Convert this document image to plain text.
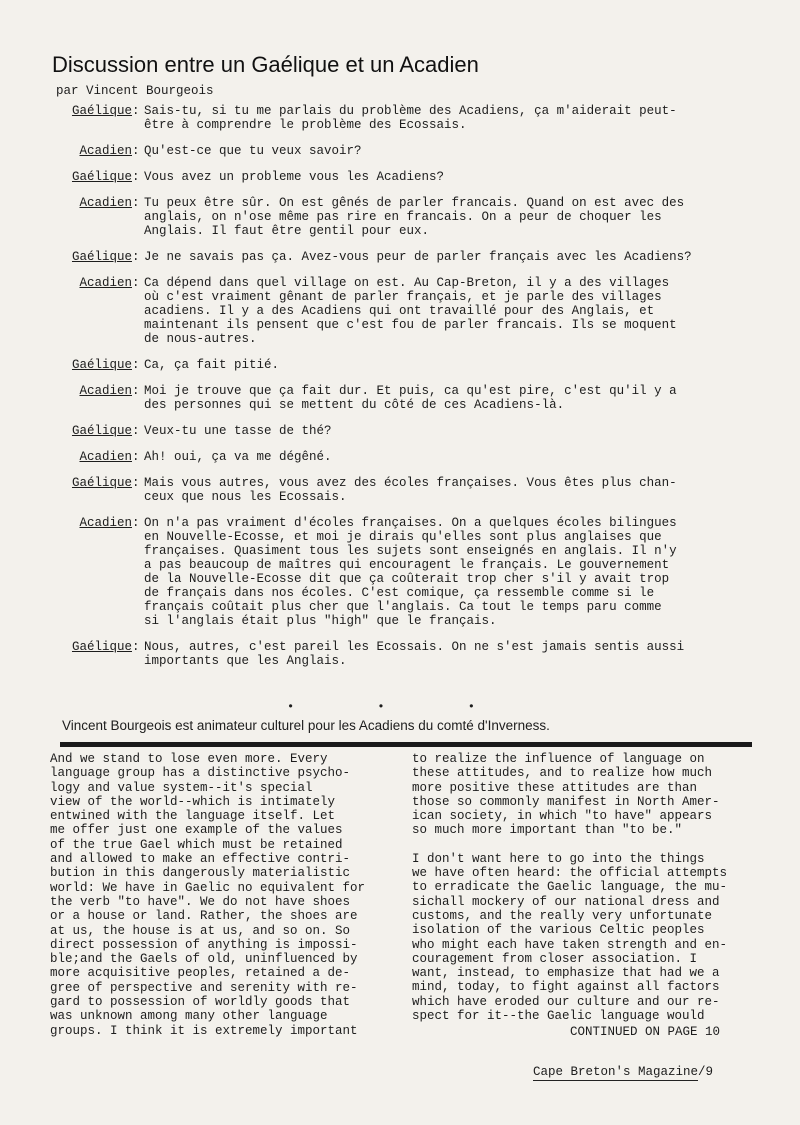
Discussion entre un Gaélique et un Acadien
par Vincent Bourgeois
Gaélique : Sais-tu, si tu me parlais du problème des Acadiens, ça m'aiderait peut-
être à comprendre le problème des Ecossais.
Acadien : Qu'est-ce que tu veux savoir?
Gaélique : Vous avez un probleme vous les Acadiens?
Acadien : Tu peux être sûr. On est gênés de parler francais. Quand on est avec des
anglais, on n'ose même pas rire en francais. On a peur de choquer les
Anglais. Il faut être gentil pour eux.
Gaélique : Je ne savais pas ça. Avez-vous peur de parler français avec les Acadiens?
Acadien : Ca dépend dans quel village on est. Au Cap-Breton, il y a des villages
où c'est vraiment gênant de parler français, et je parle des villages
acadiens. Il y a des Acadiens qui ont travaillé pour des Anglais, et
maintenant ils pensent que c'est fou de parler francais. Ils se moquent
de nous-autres.
Gaélique : Ca, ça fait pitié.
Acadien : Moi je trouve que ça fait dur. Et puis, ca qu'est pire, c'est qu'il y a
des personnes qui se mettent du côté de ces Acadiens-là.
Gaélique : Veux-tu une tasse de thé?
Acadien : Ah! oui, ça va me dégêné.
Gaélique : Mais vous autres, vous avez des écoles françaises. Vous êtes plus chan-
ceux que nous les Ecossais.
Acadien : On n'a pas vraiment d'écoles françaises. On a quelques écoles bilingues
en Nouvelle-Ecosse, et moi je dirais qu'elles sont plus anglaises que
françaises. Quasiment tous les sujets sont enseignés en anglais. Il n'y
a pas beaucoup de maîtres qui encouragent le français. Le gouvernement
de la Nouvelle-Ecosse dit que ça coûterait trop cher s'il y avait trop
de français dans nos écoles. C'est comique, ça ressemble comme si le
français coûtait plus cher que l'anglais. Ca tout le temps paru comme
si l'anglais était plus "high" que le français.
Gaélique : Nous, autres, c'est pareil les Ecossais. On ne s'est jamais sentis aussi
importants que les Anglais.
• • •
Vincent Bourgeois est animateur culturel pour les Acadiens du comté d'Inverness.
And we stand to lose even more. Every
language group has a distinctive psycho-
logy and value system--it's special
view of the world--which is intimately
entwined with the language itself. Let
me offer just one example of the values
of the true Gael which must be retained
and allowed to make an effective contri-
bution in this dangerously materialistic
world: We have in Gaelic no equivalent for
the verb "to have". We do not have shoes
or a house or land. Rather, the shoes are
at us, the house is at us, and so on. So
direct possession of anything is impossi-
ble;and the Gaels of old, uninfluenced by
more acquisitive peoples, retained a de-
gree of perspective and serenity with re-
gard to possession of worldly goods that
was unknown among many other language
groups. I think it is extremely important
to realize the influence of language on
these attitudes, and to realize how much
more positive these attitudes are than
those so commonly manifest in North Amer-
ican society, in which "to have" appears
so much more important than "to be."
I don't want here to go into the things
we have often heard: the official attempts
to erradicate the Gaelic language, the mu-
sichall mockery of our national dress and
customs, and the really very unfortunate
isolation of the various Celtic peoples
who might each have taken strength and en-
couragement from closer association. I
want, instead, to emphasize that had we a
mind, today, to fight against all factors
which have eroded our culture and our re-
spect for it--the Gaelic language would
CONTINUED ON PAGE 10
Cape Breton's Magazine/9
